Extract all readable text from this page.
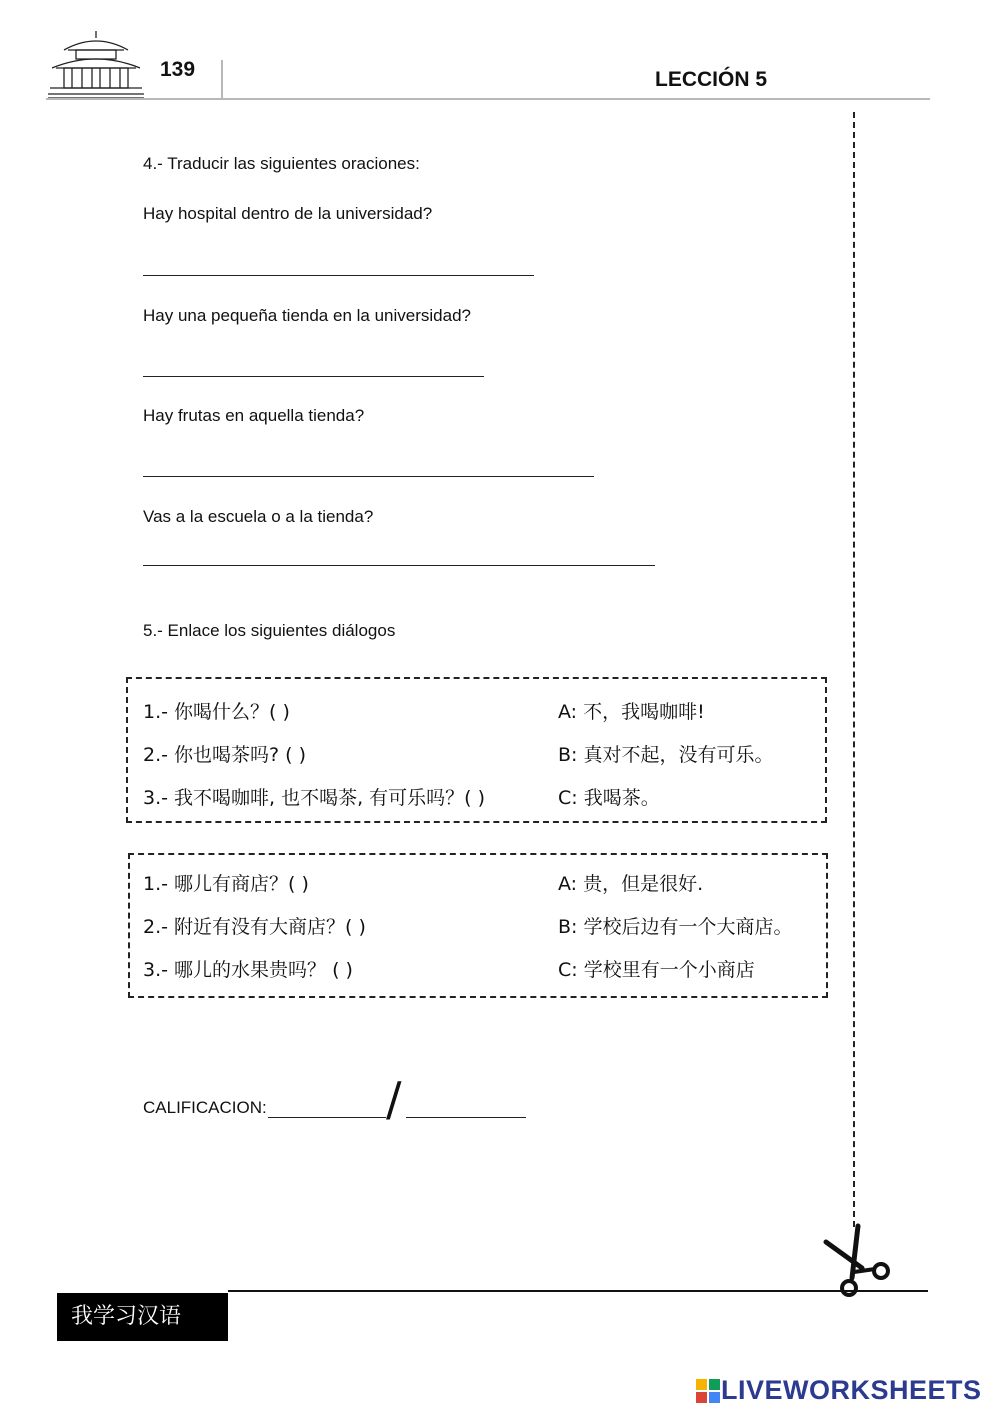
139	LECCIÓN 5
4.- Traducir las siguientes oraciones:
Hay hospital dentro de la universidad?
Hay una pequeña tienda en la universidad?
Hay frutas en aquella tienda?
Vas a la escuela o a la tienda?
5.- Enlace los siguientes diálogos
1.- 你喝什么？( )
2.- 你也喝茶吗? ( )
3.- 我不喝咖啡, 也不喝茶, 有可乐吗？( )
A: 不，我喝咖啡!
B: 真对不起，没有可乐。
C: 我喝茶。
1.- 哪儿有商店？( )
2.- 附近有没有大商店？( )
3.- 哪儿的水果贵吗？ ( )
A: 贵，但是很好.
B: 学校后边有一个大商店。
C: 学校里有一个小商店
CALIFICACION:	/
我学习汉语
LIVEWORKSHEETS
